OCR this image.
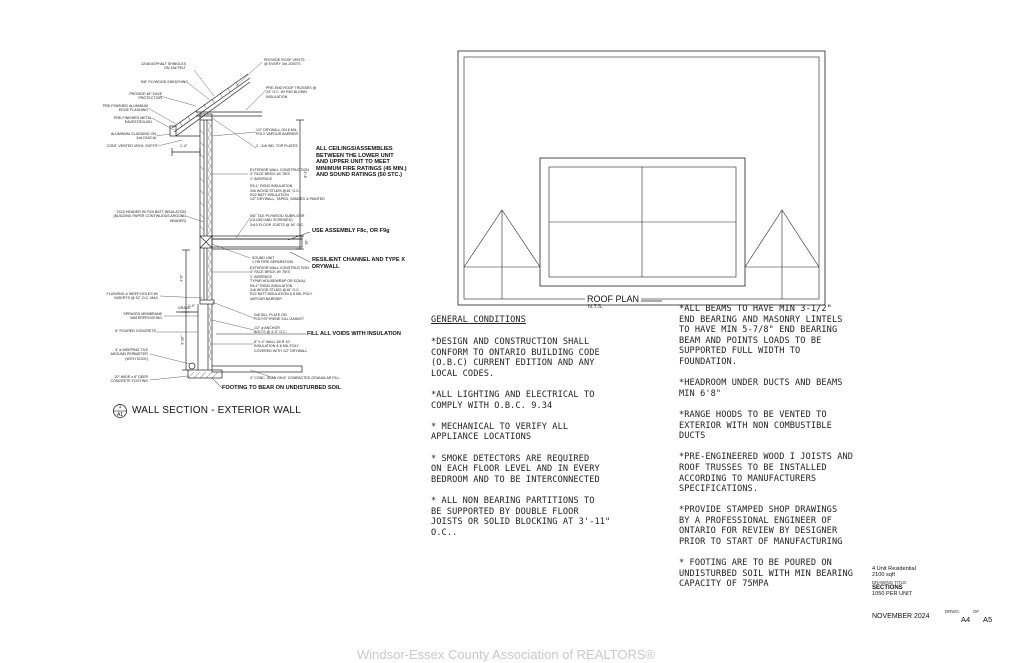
1
A1 WALL SECTION - EXTERIOR WALL
22/48 ASPHALT SHINGLES
ON 15# FELT
5/8" PLYWOOD SHEATHING
PROVIDE 48" EAVE
PROTECTION
PRE-FINISHED ALUMINUM
EDGE FLASHING
PRE-FINISHED METAL
EAVESTROUGH
ALUMINUM CLADDING ON
2x6 FASCIA
CONT. VENTED VINYL SOFFIT
2X10 HEADER W/ R20 BATT INSULATION
(BUILDING PAPER CONTINUOUS AROUND
HEADER)
FLASHING & WEEP HOLES W/
INSERTS @ 32" O.C. MAX
SPRAYED MEMBRANE
WATERPROOFING
8" POURED CONCRETE
4" ø WEEPING TILE
AROUND PERIMETER
(WITH SOCK)
20" WIDE x 8" DEEP
CONCRETE FOOTING
PROVIDE ROOF VENTS
@ EVERY 3rd JOISTS
PRE-ENG ROOF TRUSSES @
24" O.C. W/ R50 BLOWN
INSULATION
1/2" DRYWALL ON 6 MIL
POLY VAPOUR BARRIER
2 - 2x6 WD. TOP PLATES
EXTERIOR WALL CONSTRUCTION
4" FACE BRICK W/ TIES
1" AIRSPACE
R5-1" RIGID INSULATION
2x6 WOOD STUDS @16" O.C.
R22 BATT INSULATION
1/2" DRYWALL, TAPED, SANDED & PAINTED
5/8" T&G PLYWOOD SUBFLOOR
(GLUED AND SCREWED)
2x10 FLOOR JOISTS @ 16" O.C.
SOUND UNIT
1 HR FIRE SEPARATION
EXTERIOR WALL CONSTRUCTION
4" FACE BRICK W/ TIES
1" AIRSPACE
TYPAR HOUSEWRAP OR EQUAL
R5-1" RIGID INSULATION
2x6 WOOD STUDS @16" O.C.
R22 BATT INSULATION & 6 MIL POLY
VAPOUR BARRIER
2x6 SILL PLATE ON
POLYSTYRENE SILL GASKET
1/2" ø ANCHOR
BOLTS @ 4'-0" O.C.
8" X 4" WALL W/ R 10
INSULATION & 6 MIL POLY
COVERED WITH 1/2" DRYWALL
4" CONC. SLAB ON 6" COMPACTED GRANULAR FILL
1'-4"
8'-1"
10"
4'-0"
3'-10"
1'-0"
GRADE
ALL CEILINGS/ASSEMBLIES
BETWEEN THE LOWER UNIT
AND UPPER UNIT TO MEET
MINIMUM FIRE RATINGS (45 MIN.)
AND SOUND RATINGS (50 STC.)
USE ASSEMBLY F8c, OR F9g
RESILIENT CHANNEL AND TYPE X
DRYWALL
FILL ALL VOIDS WITH INSULATION
FOOTING TO BEAR ON UNDISTURBED SOIL
ROOF PLAN
N.T.S.
GENERAL CONDITIONS

*DESIGN AND CONSTRUCTION SHALL
CONFORM TO ONTARIO BUILDING CODE
(O.B.C) CURRENT EDITION AND ANY
LOCAL CODES.

*ALL LIGHTING AND ELECTRICAL TO
COMPLY WITH O.B.C. 9.34

* MECHANICAL TO VERIFY ALL
APPLIANCE LOCATIONS

* SMOKE DETECTORS ARE REQUIRED
ON EACH FLOOR LEVEL AND IN EVERY
BEDROOM AND TO BE INTERCONNECTED

* ALL NON BEARING PARTITIONS TO
BE SUPPORTED BY DOUBLE FLOOR
JOISTS OR SOLID BLOCKING AT 3'-11"
O.C..

*ALL BEAMS TO HAVE MIN 3-1/2"
END BEARING AND MASONRY LINTELS
TO HAVE MIN 5-7/8" END BEARING
BEAM AND POINTS LOADS TO BE
SUPPORTED FULL WIDTH TO
FOUNDATION.

*HEADROOM UNDER DUCTS AND BEAMS
MIN 6'8"

*RANGE HOODS TO BE VENTED TO
EXTERIOR WITH NON COMBUSTIBLE
DUCTS

*PRE-ENGINEERED WOOD I JOISTS AND
ROOF TRUSSES TO BE INSTALLED
ACCORDING TO MANUFACTURERS
SPECIFICATIONS.

*PROVIDE STAMPED SHOP DRAWINGS
BY A PROFESSIONAL ENGINEER OF
ONTARIO FOR REVIEW BY DESIGNER
PRIOR TO START OF MANUFACTURING

* FOOTING ARE TO BE POURED ON
UNDISTURBED SOIL WITH MIN BEARING
CAPACITY OF 75MPA

4 Unit Residential
2100 sqft
DRAWING TITLE:
SECTIONS
1050 PER UNIT
NOVEMBER 2024
DRWG:	OF
A4 A5
Windsor-Essex County Association of REALTORS®
